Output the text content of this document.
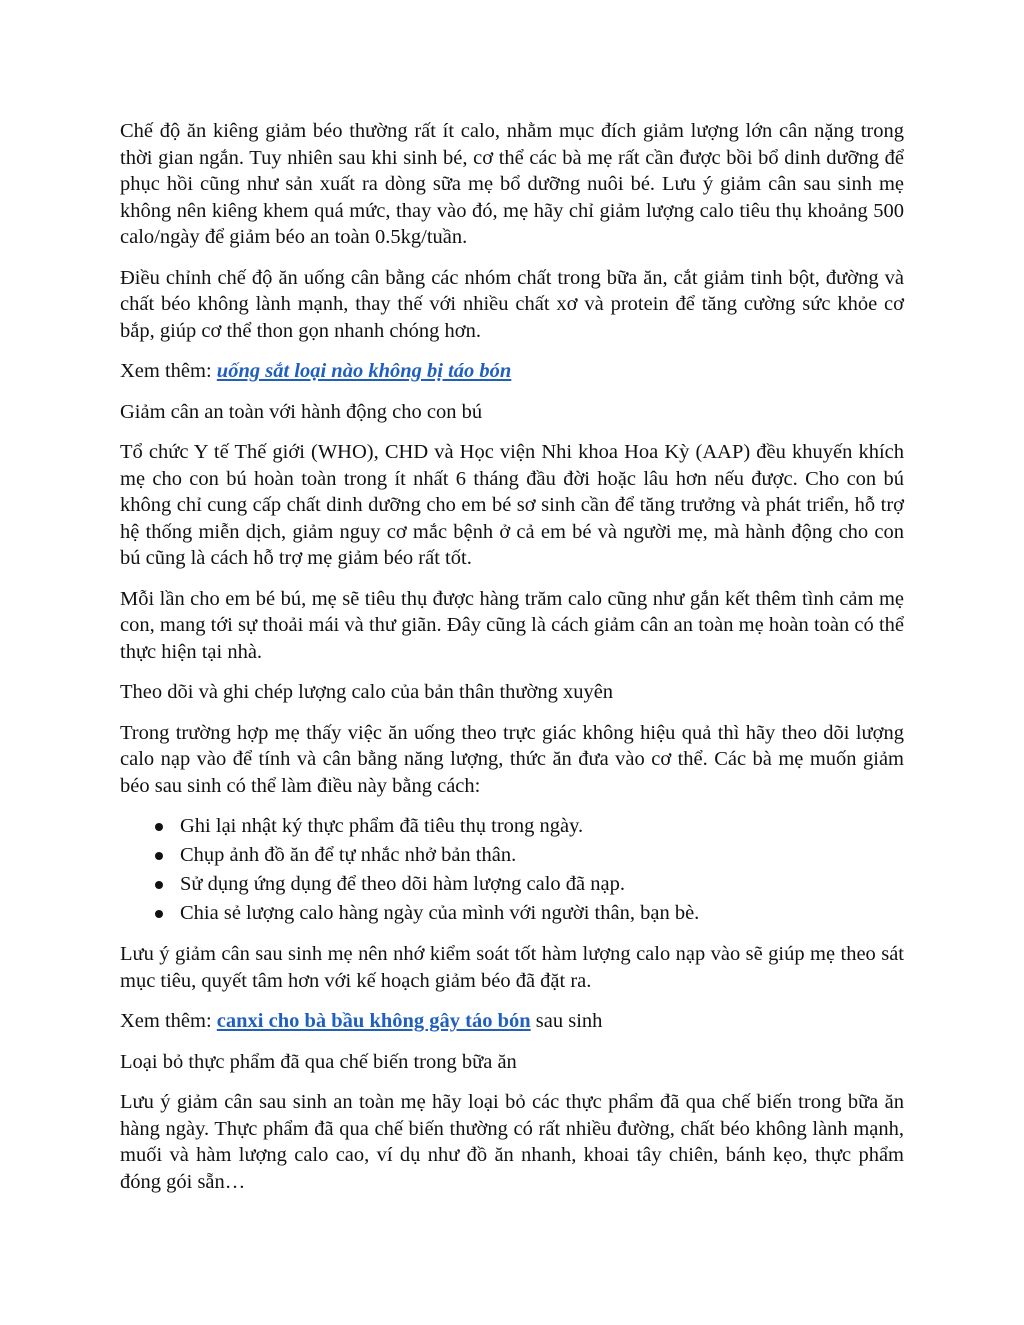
Chế độ ăn kiêng giảm béo thường rất ít calo, nhằm mục đích giảm lượng lớn cân nặng trong thời gian ngắn. Tuy nhiên sau khi sinh bé, cơ thể các bà mẹ rất cần được bồi bổ dinh dưỡng để phục hồi cũng như sản xuất ra dòng sữa mẹ bổ dưỡng nuôi bé. Lưu ý giảm cân sau sinh mẹ không nên kiêng khem quá mức, thay vào đó, mẹ hãy chỉ giảm lượng calo tiêu thụ khoảng 500 calo/ngày để giảm béo an toàn 0.5kg/tuần.

Điều chỉnh chế độ ăn uống cân bằng các nhóm chất trong bữa ăn, cắt giảm tinh bột, đường và chất béo không lành mạnh, thay thế với nhiều chất xơ và protein để tăng cường sức khỏe cơ bắp, giúp cơ thể thon gọn nhanh chóng hơn.

Xem thêm: uống sắt loại nào không bị táo bón

Giảm cân an toàn với hành động cho con bú

Tổ chức Y tế Thế giới (WHO), CHD và Học viện Nhi khoa Hoa Kỳ (AAP) đều khuyến khích mẹ cho con bú hoàn toàn trong ít nhất 6 tháng đầu đời hoặc lâu hơn nếu được. Cho con bú không chỉ cung cấp chất dinh dưỡng cho em bé sơ sinh cần để tăng trưởng và phát triển, hỗ trợ hệ thống miễn dịch, giảm nguy cơ mắc bệnh ở cả em bé và người mẹ, mà hành động cho con bú cũng là cách hỗ trợ mẹ giảm béo rất tốt.

Mỗi lần cho em bé bú, mẹ sẽ tiêu thụ được hàng trăm calo cũng như gắn kết thêm tình cảm mẹ con, mang tới sự thoải mái và thư giãn. Đây cũng là cách giảm cân an toàn mẹ hoàn toàn có thể thực hiện tại nhà.

Theo dõi và ghi chép lượng calo của bản thân thường xuyên

Trong trường hợp mẹ thấy việc ăn uống theo trực giác không hiệu quả thì hãy theo dõi lượng calo nạp vào để tính và cân bằng năng lượng, thức ăn đưa vào cơ thể. Các bà mẹ muốn giảm béo sau sinh có thể làm điều này bằng cách:

Ghi lại nhật ký thực phẩm đã tiêu thụ trong ngày.
Chụp ảnh đồ ăn để tự nhắc nhở bản thân.
Sử dụng ứng dụng để theo dõi hàm lượng calo đã nạp.
Chia sẻ lượng calo hàng ngày của mình với người thân, bạn bè.

Lưu ý giảm cân sau sinh mẹ nên nhớ kiểm soát tốt hàm lượng calo nạp vào sẽ giúp mẹ theo sát mục tiêu, quyết tâm hơn với kế hoạch giảm béo đã đặt ra.

Xem thêm: canxi cho bà bầu không gây táo bón sau sinh

Loại bỏ thực phẩm đã qua chế biến trong bữa ăn

Lưu ý giảm cân sau sinh an toàn mẹ hãy loại bỏ các thực phẩm đã qua chế biến trong bữa ăn hàng ngày. Thực phẩm đã qua chế biến thường có rất nhiều đường, chất béo không lành mạnh, muối và hàm lượng calo cao, ví dụ như đồ ăn nhanh, khoai tây chiên, bánh kẹo, thực phẩm đóng gói sẵn…
